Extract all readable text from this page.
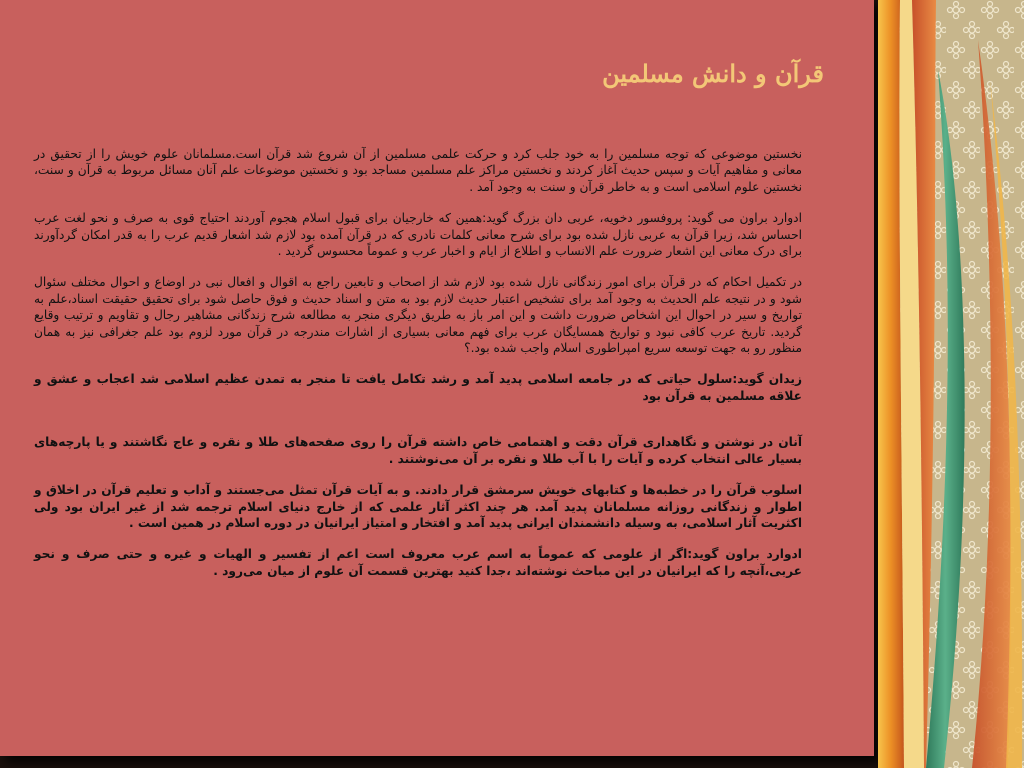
قرآن و دانش مسلمین

نخستین موضوعی که توجه مسلمین را به خود جلب کرد و حرکت علمی مسلمین از آن شروع شد قرآن است.مسلمانان علوم خویش را از تحقیق در معانی و مفاهیم آیات و سپس حدیث آغاز کردند و نخستین مراکز علم مسلمین مساجد بود و نخستین موضوعات علم آنان مسائل مربوط به قرآن و سنت، نخستین علوم اسلامی است و به خاطر قرآن و سنت به وجود آمد .

ادوارد براون می گوید: پروفسور دخویه، عربی دان بزرگ گوید:همین که خارجیان برای قبول اسلام هجوم آوردند احتیاج قوی به صرف و نحو لغت عرب احساس شد، زیرا قرآن به عربی نازل شده بود برای شرح معانی کلمات نادری که در قرآن آمده بود لازم شد اشعار قدیم عرب را به قدر امکان گردآورند برای درک معانی این اشعار ضرورت علم الانساب و اطلاع از ایام و اخبار عرب و عموماً محسوس گردید .

در تکمیل احکام که در قرآن برای امور زندگانی نازل شده بود لازم شد از اصحاب و تابعین راجع به اقوال و افعال نبی در اوضاع و احوال مختلف سئوال شود و در نتیجه علم الحدیث به وجود آمد برای تشخیص اعتبار حدیث لازم بود به متن و اسناد حدیث و فوق حاصل شود برای تحقیق حقیقت اسناد،علم به تواریخ و سیر در احوال این اشخاص ضرورت داشت و این امر باز به طریق دیگری منجر به مطالعه شرح زندگانی مشاهیر رجال و تقاویم و ترتیب وقایع گردید. تاریخ عرب کافی نبود و تواریخ همسایگان عرب برای فهم معانی بسیاری از اشارات مندرجه در قرآن مورد لزوم بود علم جغرافی نیز به همان منظور رو به جهت توسعه سریع امپراطوری اسلام واجب شده بود.؟

زیدان گوید:سلول حیاتی که در جامعه اسلامی پدید آمد و رشد تکامل یافت تا منجر به تمدن عظیم اسلامی شد اعجاب و عشق و علاقه مسلمین به قرآن بود

آنان در نوشتن و نگاهداری قرآن دقت و اهتمامی خاص داشته قرآن را روی صفحه‌های طلا و نقره و عاج نگاشتند و یا پارچه‌های بسیار عالی انتخاب کرده و آیات را با آب طلا و نقره بر آن می‌نوشتند .

اسلوب قرآن را در خطبه‌ها و کتابهای خویش سرمشق قرار دادند. و به آیات قرآن تمثل می‌جستند و آداب و تعلیم قرآن در اخلاق و اطوار و زندگانی روزانه مسلمانان پدید آمد. هر چند اکثر آثار علمی که از خارج دنیای اسلام ترجمه شد از غیر ایران بود ولی اکثریت آثار اسلامی، به وسیله دانشمندان ایرانی پدید آمد و افتخار و امتیاز ایرانیان در دوره اسلام در همین است .

ادوارد براون گوید:اگر از علومی که عموماً به اسم عرب معروف است اعم از تفسیر و الهیات و غیره و حتی صرف و نحو عربی،آنچه را که ایرانیان در این مباحث نوشته‌اند ،جدا کنید بهترین قسمت آن علوم از میان می‌رود .
